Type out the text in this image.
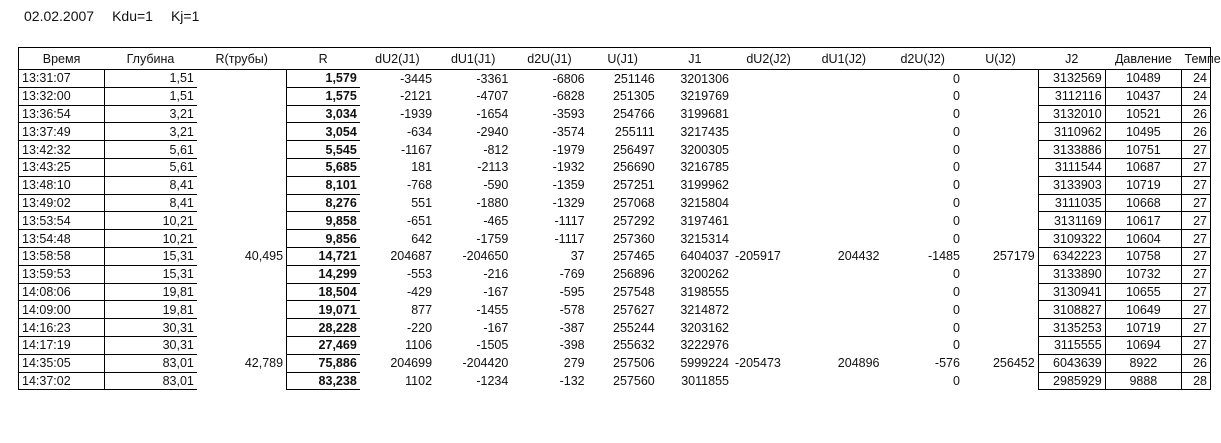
02.02.2007 Kdu=1 Kj=1
Время	Глубина	R(трубы)	R	dU2(J1)	dU1(J1)	d2U(J1)	U(J1)	J1	dU2(J2)	dU1(J2)	d2U(J2)	U(J2)	J2	Давление	Темпе
13:31:07	1,51		1,579	-3445	-3361	-6806	251146	3201306			0		3132569	10489	24
13:32:00	1,51		1,575	-2121	-4707	-6828	251305	3219769			0		3112116	10437	24
13:36:54	3,21		3,034	-1939	-1654	-3593	254766	3199681			0		3132010	10521	26
13:37:49	3,21		3,054	-634	-2940	-3574	255111	3217435			0		3110962	10495	26
13:42:32	5,61		5,545	-1167	-812	-1979	256497	3200305			0		3133886	10751	27
13:43:25	5,61		5,685	181	-2113	-1932	256690	3216785			0		3111544	10687	27
13:48:10	8,41		8,101	-768	-590	-1359	257251	3199962			0		3133903	10719	27
13:49:02	8,41		8,276	551	-1880	-1329	257068	3215804			0		3111035	10668	27
13:53:54	10,21		9,858	-651	-465	-1117	257292	3197461			0		3131169	10617	27
13:54:48	10,21		9,856	642	-1759	-1117	257360	3215314			0		3109322	10604	27
13:58:58	15,31	40,495	14,721	204687	-204650	37	257465	6404037	-205917	204432	-1485	257179	6342223	10758	27
13:59:53	15,31		14,299	-553	-216	-769	256896	3200262			0		3133890	10732	27
14:08:06	19,81		18,504	-429	-167	-595	257548	3198555			0		3130941	10655	27
14:09:00	19,81		19,071	877	-1455	-578	257627	3214872			0		3108827	10649	27
14:16:23	30,31		28,228	-220	-167	-387	255244	3203162			0		3135253	10719	27
14:17:19	30,31		27,469	1106	-1505	-398	255632	3222976			0		3115555	10694	27
14:35:05	83,01	42,789	75,886	204699	-204420	279	257506	5999224	-205473	204896	-576	256452	6043639	8922	26
14:37:02	83,01		83,238	1102	-1234	-132	257560	3011855			0		2985929	9888	28
